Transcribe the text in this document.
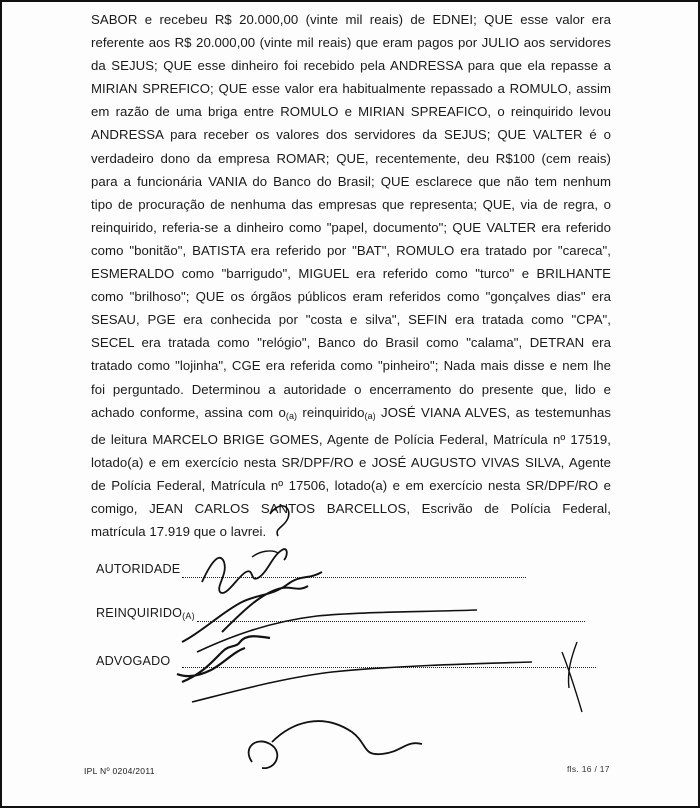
SABOR e recebeu R$ 20.000,00 (vinte mil reais) de EDNEI; QUE esse valor era
referente aos R$ 20.000,00 (vinte mil reais) que eram pagos por JULIO aos servidores
da SEJUS; QUE esse dinheiro foi recebido pela ANDRESSA para que ela repasse a
MIRIAN SPREFICO; QUE esse valor era habitualmente repassado a ROMULO, assim
em razão de uma briga entre ROMULO e MIRIAN SPREAFICO, o reinquirido levou
ANDRESSA para receber os valores dos servidores da SEJUS; QUE VALTER é o
verdadeiro dono da empresa ROMAR; QUE, recentemente, deu R$100 (cem reais)
para a funcionária VANIA do Banco do Brasil; QUE esclarece que não tem nenhum
tipo de procuração de nenhuma das empresas que representa; QUE, via de regra, o
reinquirido, referia-se a dinheiro como "papel, documento"; QUE VALTER era referido
como "bonitão", BATISTA era referido por "BAT", ROMULO era tratado por "careca",
ESMERALDO como "barrigudo", MIGUEL era referido como "turco" e BRILHANTE
como "brilhoso"; QUE os órgãos públicos eram referidos como "gonçalves dias" era
SESAU, PGE era conhecida por "costa e silva", SEFIN era tratada como "CPA",
SECEL era tratada como "relógio", Banco do Brasil como "calama", DETRAN era
tratado como "lojinha", CGE era referida como "pinheiro"; Nada mais disse e nem lhe
foi perguntado. Determinou a autoridade o encerramento do presente que, lido e
achado conforme, assina com $o_{(a)}$ reinquirido$_{(a)}$ JOSÉ VIANA ALVES, as testemunhas
de leitura MARCELO BRIGE GOMES, Agente de Polícia Federal, Matrícula nº 17519,
lotado(a) e em exercício nesta SR/DPF/RO e JOSÉ AUGUSTO VIVAS SILVA, Agente
de Polícia Federal, Matrícula nº 17506, lotado(a) e em exercício nesta SR/DPF/RO e
comigo, JEAN CARLOS SANTOS BARCELLOS, Escrivão de Polícia Federal,
matrícula 17.919 que o lavrei.
AUTORIDADE
$REINQUIRIDO_{(A)}$
ADVOGADO
IPL Nº 0204/2011	fls. 16 / 17
